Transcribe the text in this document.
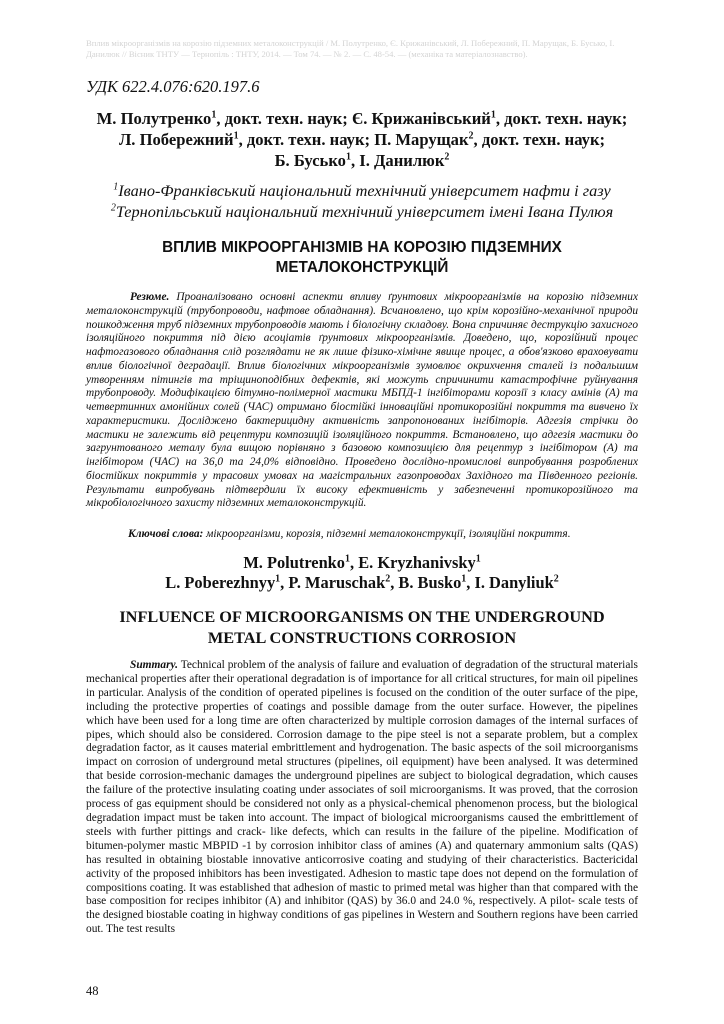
Вплив мікроорганізмів на корозію підземних металоконструкцій / М. Полутренко, Є. Крижанівський, Л. Побережний, П. Марущак, Б. Бусько, І. Данилюк // Вісник ТНТУ — Тернопіль : ТНТУ, 2014. — Том 74. — № 2. — С. 48-54. — (механіка та матеріалознавство).
УДК 622.4.076:620.197.6
М. Полутренко$^1$, докт. техн. наук; Є. Крижанівський$^1$, докт. техн. наук;
Л. Побережний$^1$, докт. техн. наук; П. Марущак$^2$, докт. техн. наук;
Б. Бусько$^1$, І. Данилюк$^2$
$^1$Івано-Франківський національний технічний університет нафти і газу
$^2$Тернопільський національний технічний університет імені Івана Пулюя
ВПЛИВ МІКРООРГАНІЗМІВ НА КОРОЗІЮ ПІДЗЕМНИХ
МЕТАЛОКОНСТРУКЦІЙ
Резюме. Проаналізовано основні аспекти впливу ґрунтових мікроорганізмів на корозію підземних металоконструкцій (трубопроводи, нафтове обладнання). Всчановлено, що крім корозійно-механічної природи пошкодження труб підземних трубопроводів мають і біологічну складову. Вона спричиняє деструкцію захисного ізоляційного покриття під дією асоціатів ґрунтових мікроорганізмів. Доведено, що, корозійний процес нафтогазового обладнання слід розглядати не як лише фізико-хімічне явище процес, а обов'язково враховувати вплив біологічної деградації. Вплив біологічних мікроорганізмів зумовлює окрихчення сталей із подальшим утворенням пітингів та тріщиноподібних дефектів, які можуть спричинити катастрофічне руйнування трубопроводу. Модифікацією бітумно-полімерної мастики МБПД-1 інгібіторами корозії з класу амінів (А) та четвертинних амонійних солей (ЧАС) отримано біостійкі інноваційні протикорозійні покриття та вивчено їх характеристики. Досліджено бактерицидну активність запропонованих інгібіторів. Адгезія стрічки до мастики не залежить від рецептури композицій ізоляційного покриття. Встановлено, що адгезія мастики до загрунтованого металу була вищою порівняно з базовою композицією для рецептур з інгібітором (А) та інгібітором (ЧАС) на 36,0 та 24,0% відповідно. Проведено дослідно-промислові випробування розроблених біостійких покриттів у трасових умовах на магістральних газопроводах Західного та Південного регіонів. Результати випробувань підтвердили їх високу ефективність у забезпеченні протикорозійного та мікробіологічного захисту підземних металоконструкцій.
Ключові слова: мікроорганізми, корозія, підземні металоконструкції, ізоляційні покриття.
M. Polutrenko$^1$, E. Kryzhanivsky$^1$
L. Poberezhnyy$^1$, P. Maruschak$^2$, B. Busko$^1$, I. Danyliuk$^2$
INFLUENCE OF MICROORGANISMS ON THE UNDERGROUND
METAL CONSTRUCTIONS CORROSION
Summary. Technical problem of the analysis of failure and evaluation of degradation of the structural materials mechanical properties after their operational degradation is of importance for all critical structures, for main oil pipelines in particular. Analysis of the condition of operated pipelines is focused on the condition of the outer surface of the pipe, including the protective properties of coatings and possible damage from the outer surface. However, the pipelines which have been used for a long time are often characterized by multiple corrosion damages of the internal surfaces of pipes, which should also be considered. Corrosion damage to the pipe steel is not a separate problem, but a complex degradation factor, as it causes material embrittlement and hydrogenation. The basic aspects of the soil microorganisms impact on corrosion of underground metal structures (pipelines, oil equipment) have been analysed. It was determined that beside corrosion-mechanic damages the underground pipelines are subject to biological degradation, which causes the failure of the protective insulating coating under associates of soil microorganisms. It was proved, that the corrosion process of gas equipment should be considered not only as a physical-chemical phenomenon process, but the biological degradation impact must be taken into account. The impact of biological microorganisms caused the embrittlement of steels with further pittings and crack- like defects, which can results in the failure of the pipeline. Modification of bitumen-polymer mastic MBPID -1 by corrosion inhibitor class of amines (A) and quaternary ammonium salts (QAS) has resulted in obtaining biostable innovative anticorrosive coating and studying of their characteristics. Bactericidal activity of the proposed inhibitors has been investigated. Adhesion to mastic tape does not depend on the formulation of compositions coating. It was established that adhesion of mastic to primed metal was higher than that compared with the base composition for recipes inhibitor (A) and inhibitor (QAS) by 36.0 and 24.0 %, respectively. A pilot- scale tests of the designed biostable coating in highway conditions of gas pipelines in Western and Southern regions have been carried out. The test results
48
